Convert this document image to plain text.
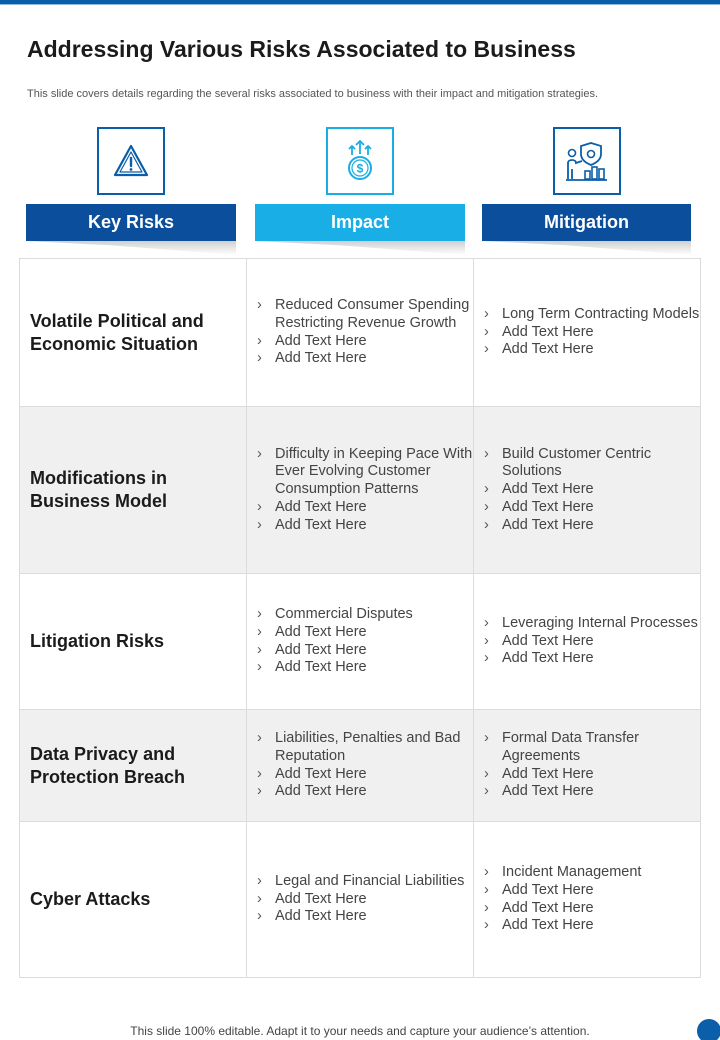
Addressing Various Risks Associated to Business
This slide covers details regarding the several risks associated to business with their impact and mitigation strategies.
$
Key Risks	Impact	Mitigation
Volatile Political and Economic Situation
› Reduced Consumer Spending Restricting Revenue Growth
› Add Text Here
› Add Text Here
› Long Term Contracting Models
› Add Text Here
› Add Text Here
Modifications in Business Model
› Difficulty in Keeping Pace With Ever Evolving Customer Consumption Patterns
› Add Text Here
› Add Text Here
› Build Customer Centric Solutions
› Add Text Here
› Add Text Here
› Add Text Here
Litigation Risks
› Commercial Disputes
› Add Text Here
› Add Text Here
› Add Text Here
› Leveraging Internal Processes
› Add Text Here
› Add Text Here
Data Privacy and Protection Breach
› Liabilities, Penalties and Bad Reputation
› Add Text Here
› Add Text Here
› Formal Data Transfer Agreements
› Add Text Here
› Add Text Here
Cyber Attacks
› Legal and Financial Liabilities
› Add Text Here
› Add Text Here
› Incident Management
› Add Text Here
› Add Text Here
› Add Text Here
This slide 100% editable. Adapt it to your needs and capture your audience’s attention.
